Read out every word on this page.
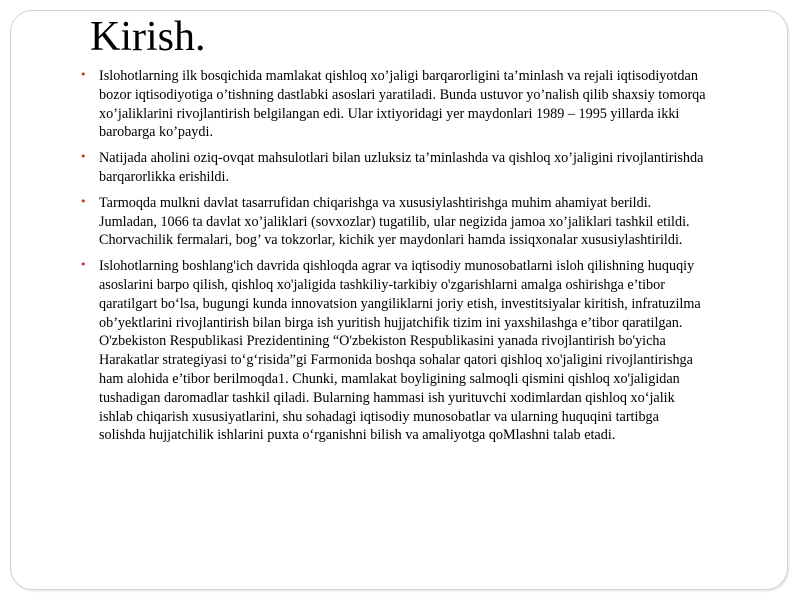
Kirish.
• Islohotlarning ilk bosqichida mamlakat qishloq xo’jaligi barqarorligini ta’minlash va rejali iqtisodiyotdan bozor iqtisodiyotiga o’tishning dastlabki asoslari yaratiladi. Bunda ustuvor yo’nalish qilib shaxsiy tomorqa xo’jaliklarini rivojlantirish belgilangan edi. Ular ixtiyoridagi yer maydonlari 1989 – 1995 yillarda ikki barobarga ko’paydi.
• Natijada aholini oziq-ovqat mahsulotlari bilan uzluksiz ta’minlashda va qishloq xo’jaligini rivojlantirishda barqarorlikka erishildi.
• Tarmoqda mulkni davlat tasarrufidan chiqarishga va xususiylashtirishga muhim ahamiyat berildi. Jumladan, 1066 ta davlat xo’jaliklari (sovxozlar) tugatilib, ular negizida jamoa xo’jaliklari tashkil etildi. Chorvachilik fermalari, bog’ va tokzorlar, kichik yer maydonlari hamda issiqxonalar xususiylashtirildi.
• Islohotlarning boshlang'ich davrida qishloqda agrar va iqtisodiy munosobatlarni isloh qilishning huquqiy asoslarini barpo qilish, qishloq xo'jaligida tashkiliy-tarkibiy o'zgarishlarni amalga oshirishga e’tibor qaratilgart bo‘lsa, bugungi kunda innovatsion yangiliklarni joriy etish, investitsiyalar kiritish, infratuzilma ob’yektlarini rivojlantirish bilan birga ish yuritish hujjatchifik tizim ini yaxshilashga e’tibor qaratilgan. O'zbekiston Respublikasi Prezidentining “O'zbekiston Respublikasini yanada rivojlantirish bo'yicha Harakatlar strategiyasi to‘g‘risida”gi Farmonida boshqa sohalar qatori qishloq xo'jaligini rivojlantirishga ham alohida e’tibor berilmoqda1. Chunki, mamlakat boyligining salmoqli qismini qishloq xo'jaligidan tushadigan daromadlar tashkil qiladi. Bularning hammasi ish yurituvchi xodimlardan qishloq xo‘jalik ishlab chiqarish xususiyatlarini, shu sohadagi iqtisodiy munosobatlar va ularning huquqini tartibga solishda hujjatchilik ishlarini puxta o‘rganishni bilish va amaliyotga qoMlashni talab etadi.
